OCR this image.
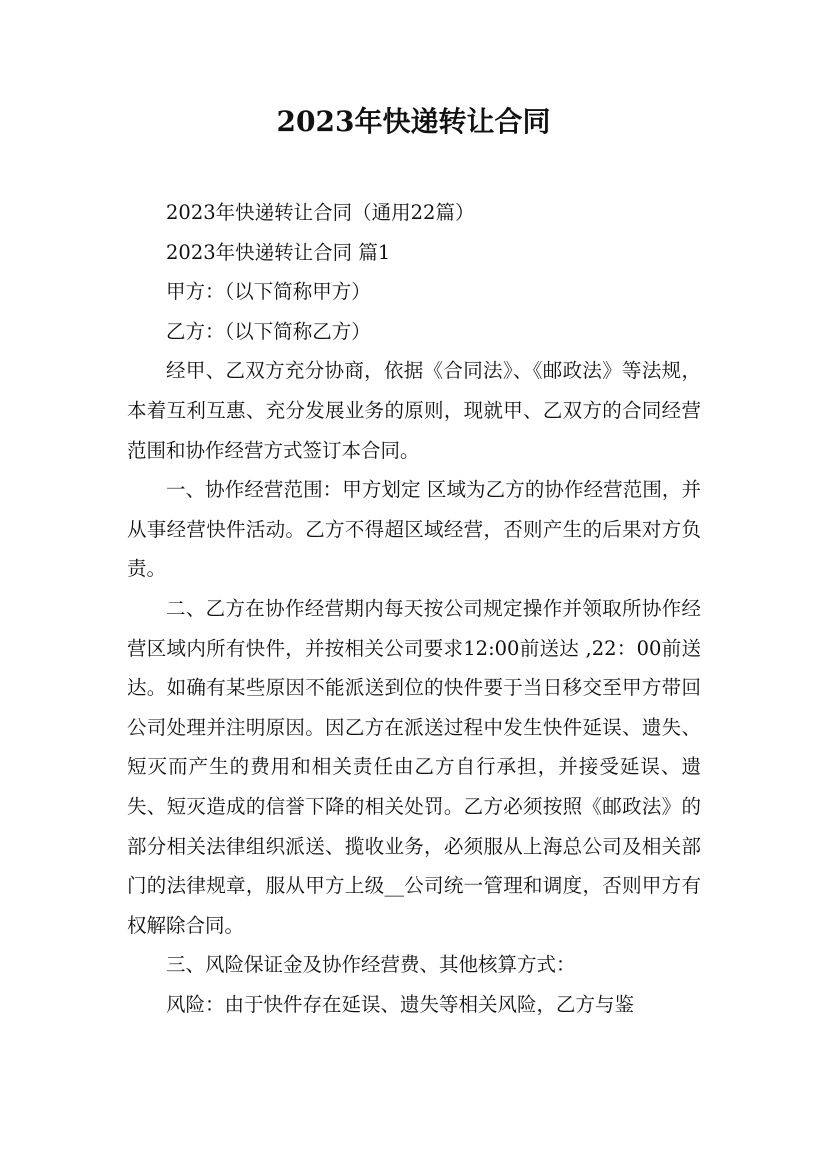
2023年快递转让合同

2023年快递转让合同（通用22篇）

2023年快递转让合同 篇1

甲方：（以下简称甲方）

乙方：（以下简称乙方）

经甲、乙双方充分协商，依据《合同法》、《邮政法》等法规，本着互利互惠、充分发展业务的原则，现就甲、乙双方的合同经营范围和协作经营方式签订本合同。

一、协作经营范围：甲方划定 区域为乙方的协作经营范围，并从事经营快件活动。乙方不得超区域经营，否则产生的后果对方负责。

二、乙方在协作经营期内每天按公司规定操作并领取所协作经营区域内所有快件，并按相关公司要求12:00前送达 ,22：00前送达。如确有某些原因不能派送到位的快件要于当日移交至甲方带回公司处理并注明原因。因乙方在派送过程中发生快件延误、遗失、短灭而产生的费用和相关责任由乙方自行承担，并接受延误、遗失、短灭造成的信誉下降的相关处罚。乙方必须按照《邮政法》的部分相关法律组织派送、揽收业务，必须服从上海总公司及相关部门的法律规章，服从甲方上级__公司统一管理和调度，否则甲方有权解除合同。

三、风险保证金及协作经营费、其他核算方式：

风险：由于快件存在延误、遗失等相关风险，乙方与鉴
